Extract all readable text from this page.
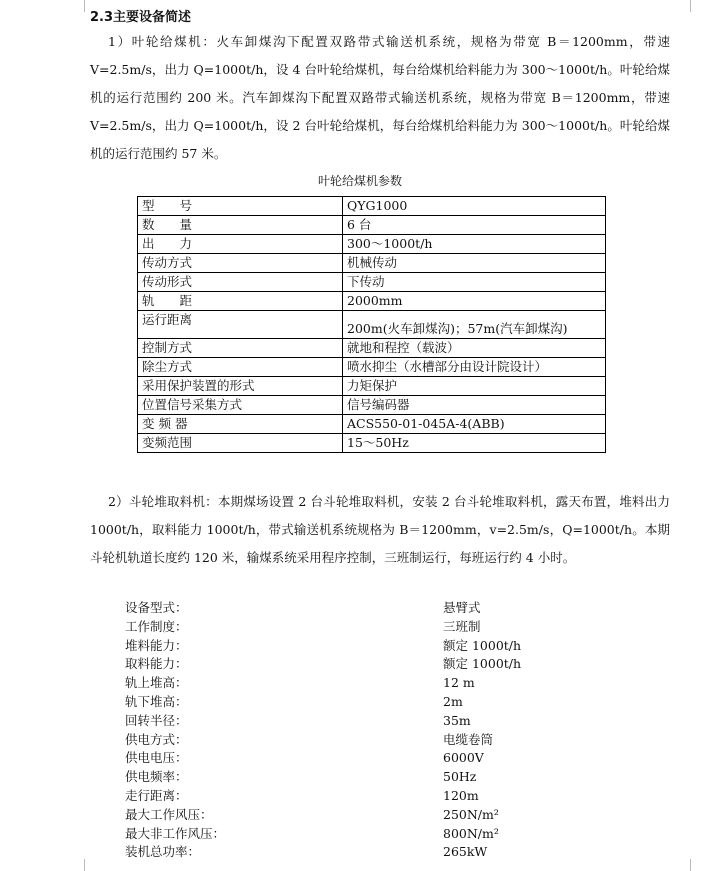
2.3主要设备简述
1）叶轮给煤机：火车卸煤沟下配置双路带式输送机系统，规格为带宽 B＝1200mm，带速 V=2.5m/s，出力 Q=1000t/h，设 4 台叶轮给煤机，每台给煤机给料能力为 300～1000t/h。叶轮给煤机的运行范围约 200 米。汽车卸煤沟下配置双路带式输送机系统，规格为带宽 B＝1200mm，带速 V=2.5m/s，出力 Q=1000t/h，设 2 台叶轮给煤机，每台给煤机给料能力为 300～1000t/h。叶轮给煤机的运行范围约 57 米。
叶轮给煤机参数
型　　号	QYG1000
数　　量	6 台
出　　力	300～1000t/h
传动方式	机械传动
传动形式	下传动
轨　　距	2000mm
运行距离	200m(火车卸煤沟)；57m(汽车卸煤沟)
控制方式	就地和程控（载波）
除尘方式	喷水抑尘（水槽部分由设计院设计）
采用保护装置的形式	力矩保护
位置信号采集方式	信号编码器
变 频 器	ACS550-01-045A-4(ABB)
变频范围	15～50Hz
2）斗轮堆取料机：本期煤场设置 2 台斗轮堆取料机，安装 2 台斗轮堆取料机，露天布置，堆料出力 1000t/h，取料能力 1000t/h，带式输送机系统规格为 B＝1200mm，v=2.5m/s，Q=1000t/h。本期斗轮机轨道长度约 120 米，输煤系统采用程序控制，三班制运行，每班运行约 4 小时。
设备型式：	悬臂式
工作制度：	三班制
堆料能力：	额定 1000t/h
取料能力：	额定 1000t/h
轨上堆高：	12 m
轨下堆高：	2m
回转半径：	35m
供电方式：	电缆卷筒
供电电压：	6000V
供电频率：	50Hz
走行距离：	120m
最大工作风压：	250N/m²
最大非工作风压：	800N/m²
装机总功率：	265kW
